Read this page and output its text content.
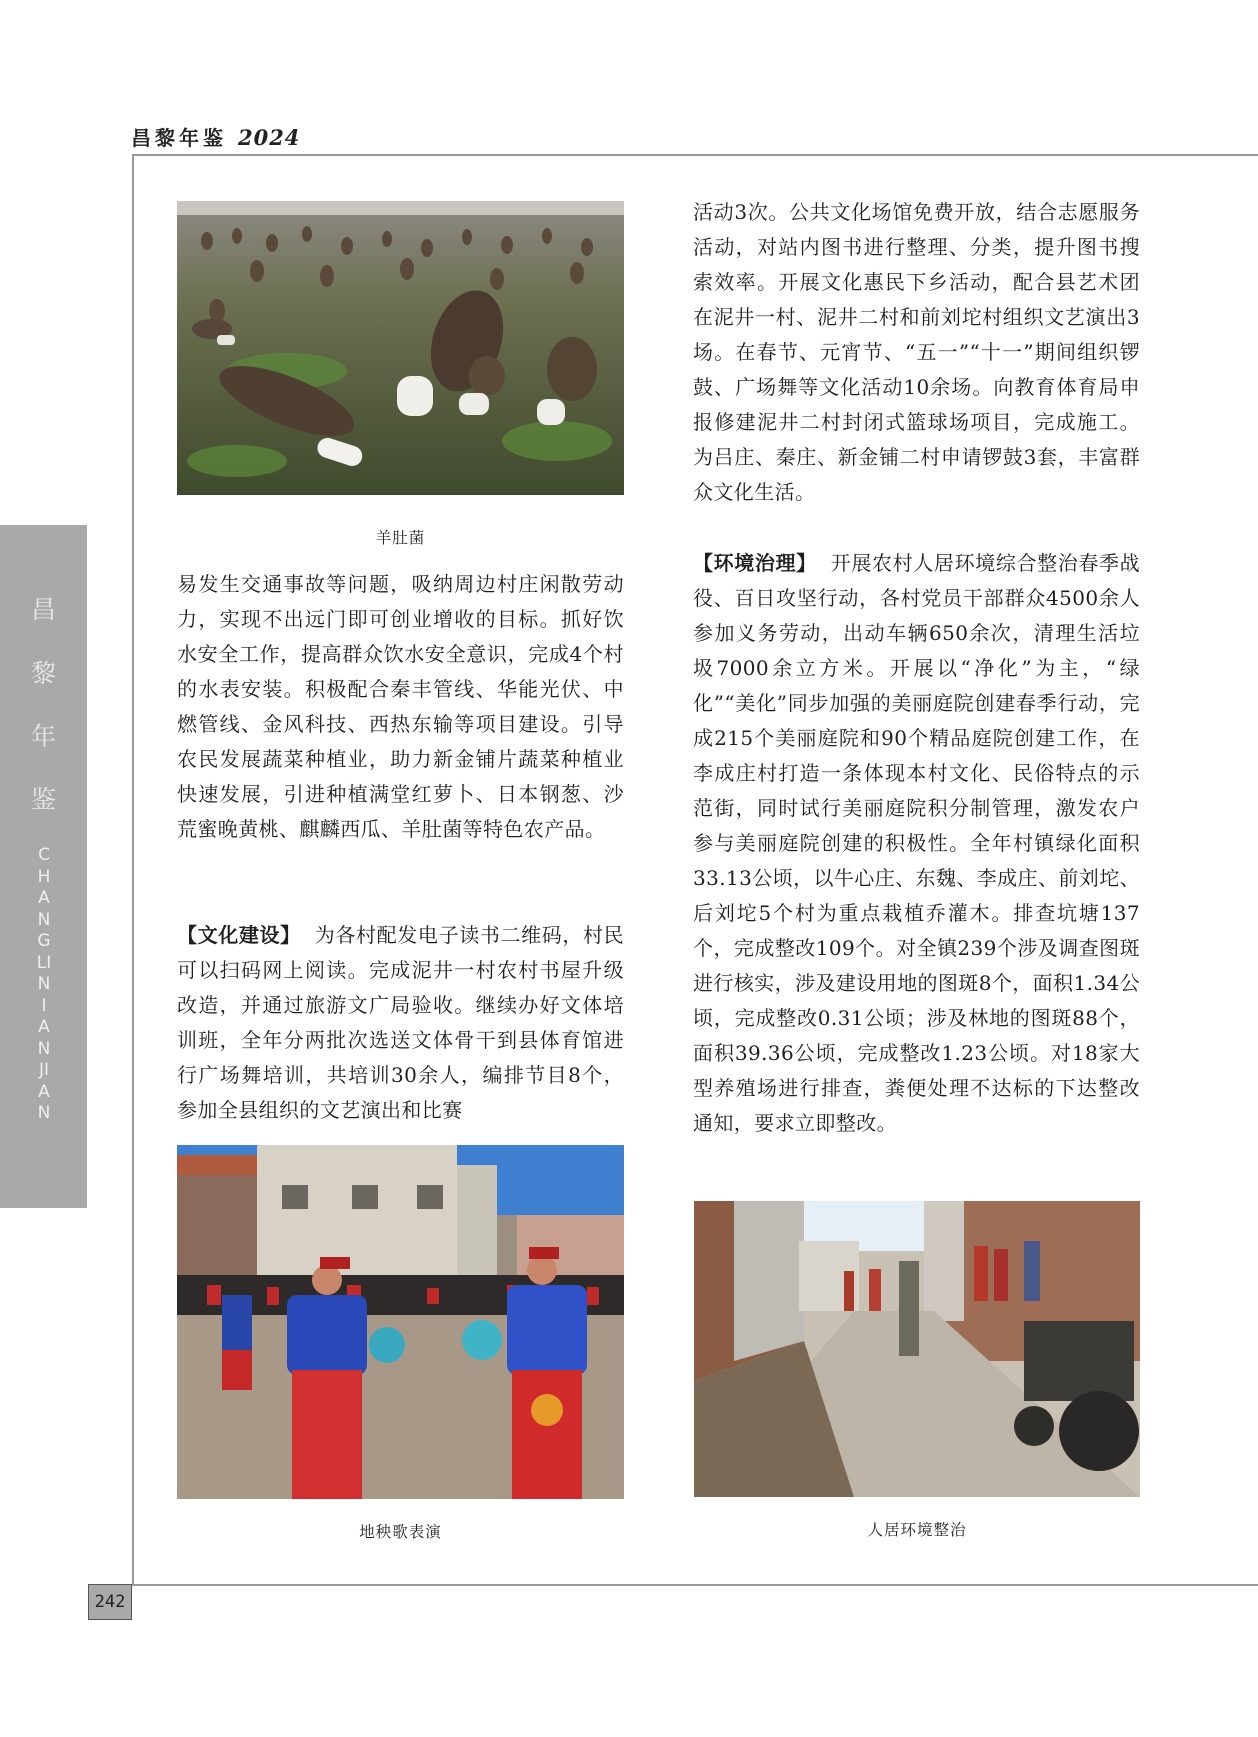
昌黎年鉴 2024
昌
黎
年
鉴
CHANGLINIANJIAN

羊肚菌

易发生交通事故等问题，吸纳周边村庄闲散劳动力，实现不出远门即可创业增收的目标。抓好饮水安全工作，提高群众饮水安全意识，完成4个村的水表安装。积极配合秦丰管线、华能光伏、中燃管线、金风科技、西热东输等项目建设。引导农民发展蔬菜种植业，助力新金铺片蔬菜种植业快速发展，引进种植满堂红萝卜、日本钢葱、沙荒蜜晚黄桃、麒麟西瓜、羊肚菌等特色农产品。

【文化建设】 为各村配发电子读书二维码，村民可以扫码网上阅读。完成泥井一村农村书屋升级改造，并通过旅游文广局验收。继续办好文体培训班，全年分两批次选送文体骨干到县体育馆进行广场舞培训，共培训30余人，编排节目8个，参加全县组织的文艺演出和比赛

地秧歌表演

活动3次。公共文化场馆免费开放，结合志愿服务活动，对站内图书进行整理、分类，提升图书搜索效率。开展文化惠民下乡活动，配合县艺术团在泥井一村、泥井二村和前刘坨村组织文艺演出3场。在春节、元宵节、“五一”“十一”期间组织锣鼓、广场舞等文化活动10余场。向教育体育局申报修建泥井二村封闭式篮球场项目，完成施工。为吕庄、秦庄、新金铺二村申请锣鼓3套，丰富群众文化生活。

【环境治理】 开展农村人居环境综合整治春季战役、百日攻坚行动，各村党员干部群众4500余人参加义务劳动，出动车辆650余次，清理生活垃圾7000余立方米。开展以“净化”为主，“绿化”“美化”同步加强的美丽庭院创建春季行动，完成215个美丽庭院和90个精品庭院创建工作，在李成庄村打造一条体现本村文化、民俗特点的示范街，同时试行美丽庭院积分制管理，激发农户参与美丽庭院创建的积极性。全年村镇绿化面积33.13公顷，以牛心庄、东魏、李成庄、前刘坨、后刘坨5个村为重点栽植乔灌木。排查坑塘137个，完成整改109个。对全镇239个涉及调查图斑进行核实，涉及建设用地的图斑8个，面积1.34公顷，完成整改0.31公顷；涉及林地的图斑88个，面积39.36公顷，完成整改1.23公顷。对18家大型养殖场进行排查，粪便处理不达标的下达整改通知，要求立即整改。

人居环境整治

242
